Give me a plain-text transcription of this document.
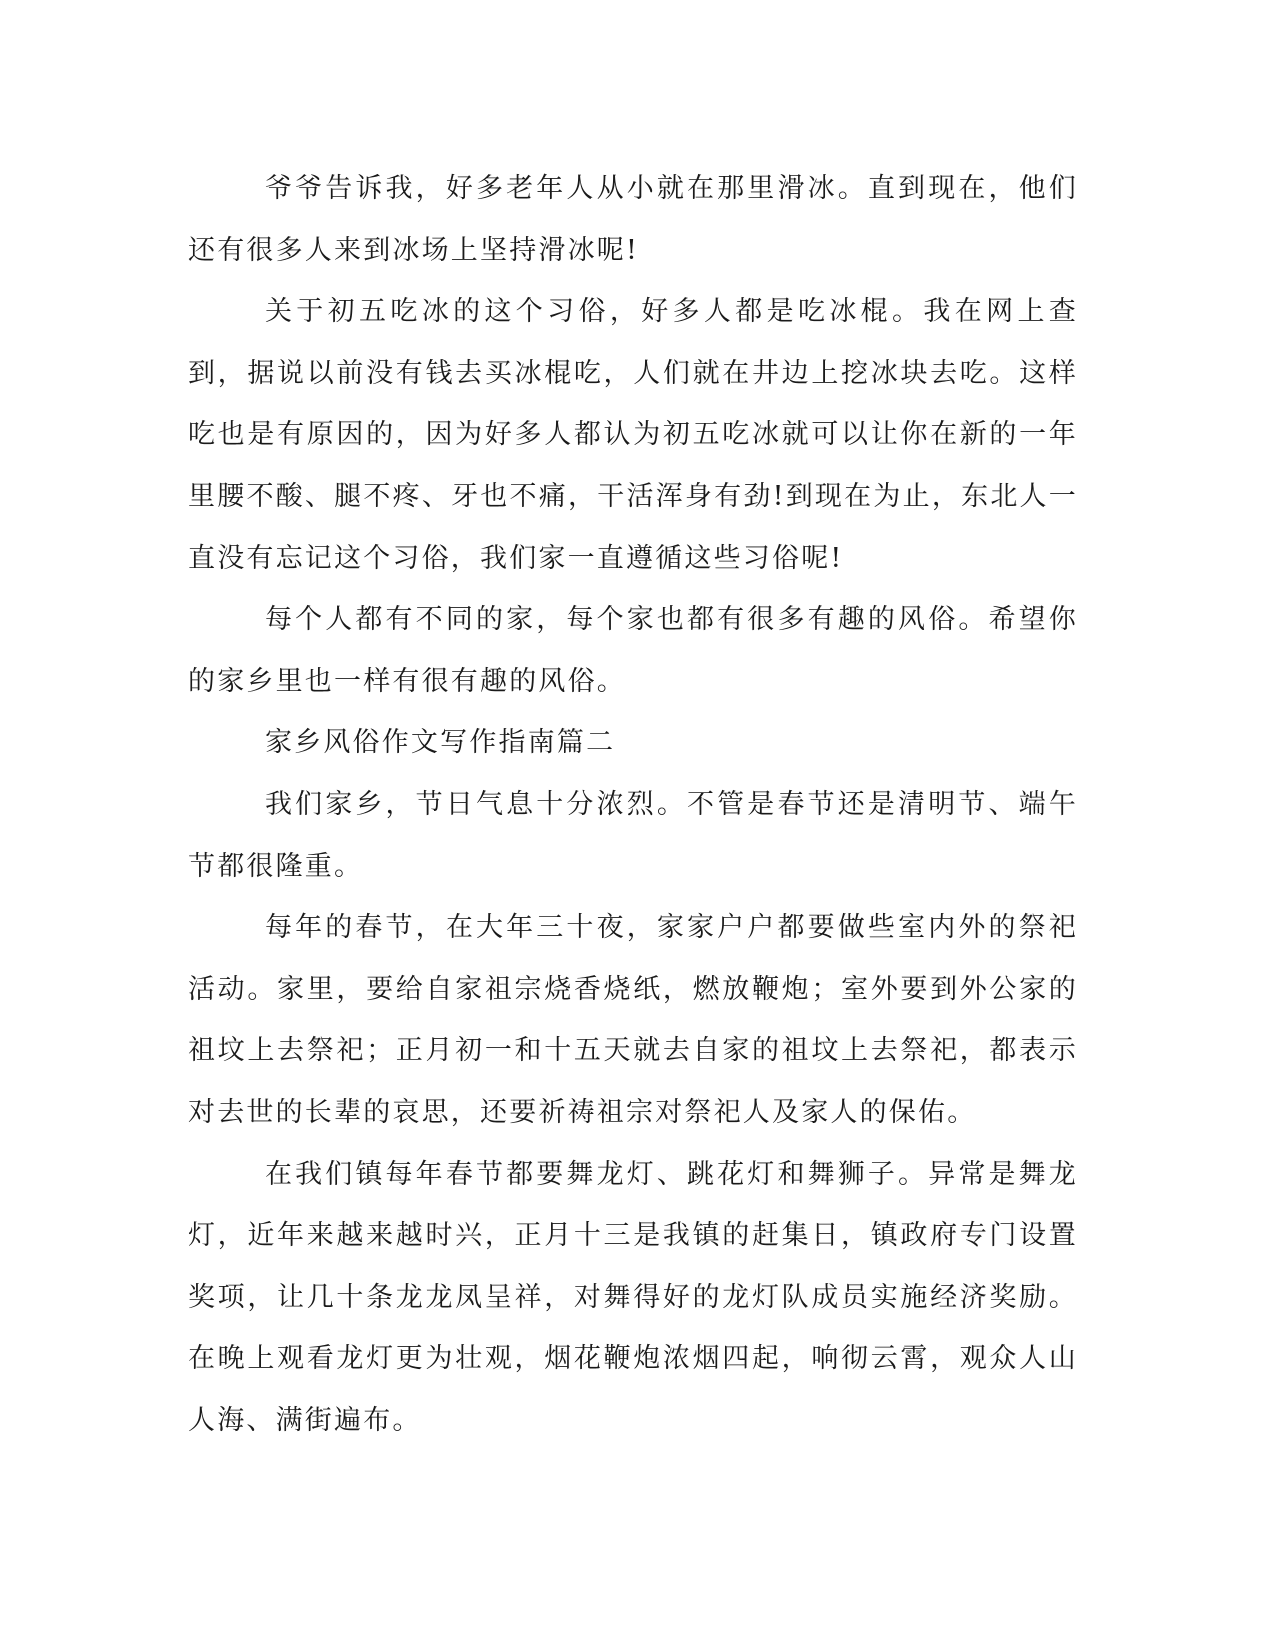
爷爷告诉我，好多老年人从小就在那里滑冰。直到现在，他们还有很多人来到冰场上坚持滑冰呢!

关于初五吃冰的这个习俗，好多人都是吃冰棍。我在网上查到，据说以前没有钱去买冰棍吃，人们就在井边上挖冰块去吃。这样吃也是有原因的，因为好多人都认为初五吃冰就可以让你在新的一年里腰不酸、腿不疼、牙也不痛，干活浑身有劲!到现在为止，东北人一直没有忘记这个习俗，我们家一直遵循这些习俗呢!

每个人都有不同的家，每个家也都有很多有趣的风俗。希望你的家乡里也一样有很有趣的风俗。

家乡风俗作文写作指南篇二

我们家乡，节日气息十分浓烈。不管是春节还是清明节、端午节都很隆重。

每年的春节，在大年三十夜，家家户户都要做些室内外的祭祀活动。家里，要给自家祖宗烧香烧纸，燃放鞭炮；室外要到外公家的祖坟上去祭祀；正月初一和十五天就去自家的祖坟上去祭祀，都表示对去世的长辈的哀思，还要祈祷祖宗对祭祀人及家人的保佑。

在我们镇每年春节都要舞龙灯、跳花灯和舞狮子。异常是舞龙灯，近年来越来越时兴，正月十三是我镇的赶集日，镇政府专门设置奖项，让几十条龙龙凤呈祥，对舞得好的龙灯队成员实施经济奖励。在晚上观看龙灯更为壮观，烟花鞭炮浓烟四起，响彻云霄，观众人山人海、满街遍布。
